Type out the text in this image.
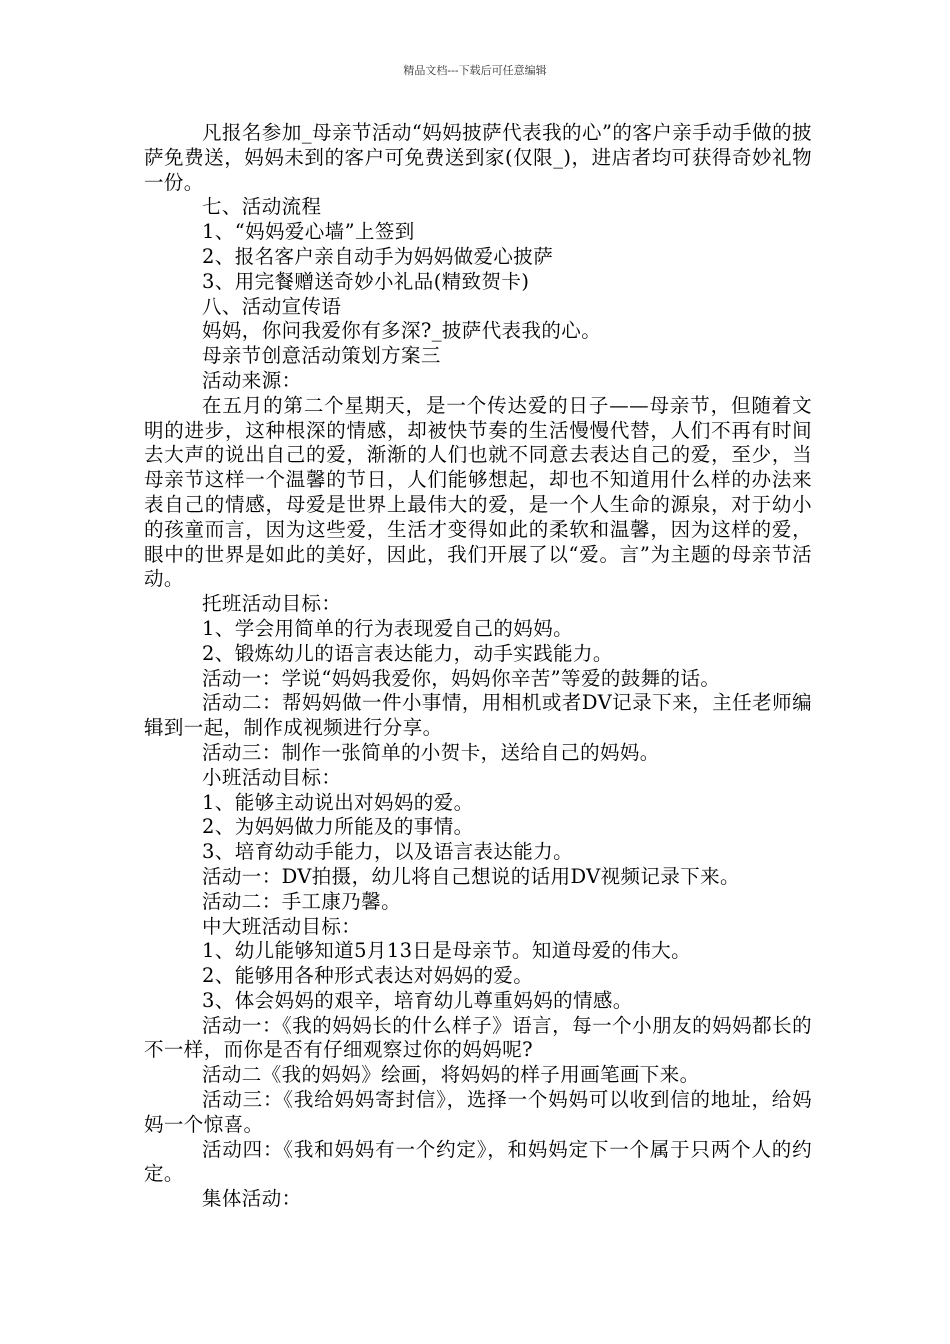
精品文档---下载后可任意编辑

凡报名参加_母亲节活动“妈妈披萨代表我的心”的客户亲手动手做的披萨免费送，妈妈未到的客户可免费送到家(仅限_)，进店者均可获得奇妙礼物一份。

七、活动流程

1、“妈妈爱心墙”上签到

2、报名客户亲自动手为妈妈做爱心披萨

3、用完餐赠送奇妙小礼品(精致贺卡)

八、活动宣传语

妈妈，你问我爱你有多深?_披萨代表我的心。

母亲节创意活动策划方案三

活动来源：

在五月的第二个星期天，是一个传达爱的日子——母亲节，但随着文明的进步，这种根深的情感，却被快节奏的生活慢慢代替，人们不再有时间去大声的说出自己的爱，渐渐的人们也就不同意去表达自己的爱，至少，当母亲节这样一个温馨的节日，人们能够想起，却也不知道用什么样的办法来表自己的情感，母爱是世界上最伟大的爱，是一个人生命的源泉，对于幼小的孩童而言，因为这些爱，生活才变得如此的柔软和温馨，因为这样的爱，眼中的世界是如此的美好，因此，我们开展了以“爱。言”为主题的母亲节活动。

托班活动目标：

1、学会用简单的行为表现爱自己的妈妈。

2、锻炼幼儿的语言表达能力，动手实践能力。

活动一：学说“妈妈我爱你，妈妈你辛苦”等爱的鼓舞的话。

活动二：帮妈妈做一件小事情，用相机或者DV记录下来，主任老师编辑到一起，制作成视频进行分享。

活动三：制作一张简单的小贺卡，送给自己的妈妈。

小班活动目标：

1、能够主动说出对妈妈的爱。

2、为妈妈做力所能及的事情。

3、培育幼动手能力，以及语言表达能力。

活动一：DV拍摄，幼儿将自己想说的话用DV视频记录下来。

活动二：手工康乃馨。

中大班活动目标：

1、幼儿能够知道5月13日是母亲节。知道母爱的伟大。

2、能够用各种形式表达对妈妈的爱。

3、体会妈妈的艰辛，培育幼儿尊重妈妈的情感。

活动一：《我的妈妈长的什么样子》语言，每一个小朋友的妈妈都长的不一样，而你是否有仔细观察过你的妈妈呢?

活动二《我的妈妈》绘画，将妈妈的样子用画笔画下来。

活动三：《我给妈妈寄封信》，选择一个妈妈可以收到信的地址，给妈妈一个惊喜。

活动四：《我和妈妈有一个约定》，和妈妈定下一个属于只两个人的约定。

集体活动：
